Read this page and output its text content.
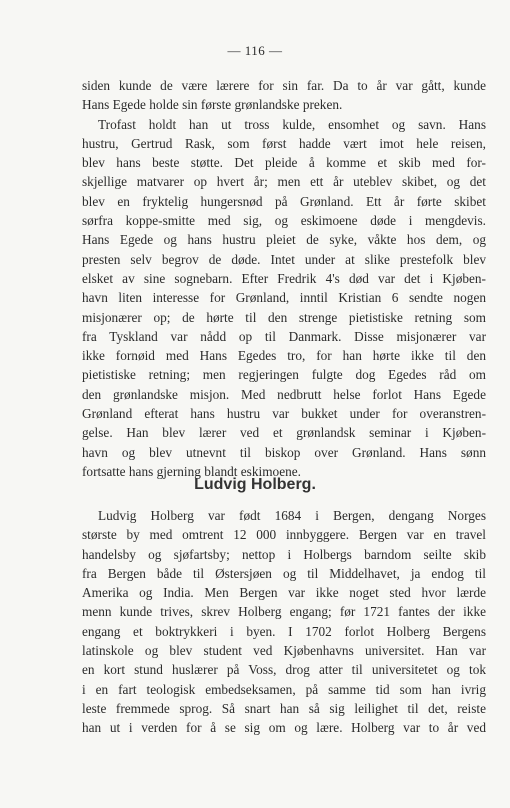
— 116 —
siden kunde de være lærere for sin far. Da to år var gått, kunde
Hans Egede holde sin første grønlandske preken.
Trofast holdt han ut tross kulde, ensomhet og savn. Hans
hustru, Gertrud Rask, som først hadde vært imot hele reisen,
blev hans beste støtte. Det pleide å komme et skib med for-
skjellige matvarer op hvert år; men ett år uteblev skibet, og det
blev en fryktelig hungersnød på Grønland. Ett år førte skibet
sørfra koppe-smitte med sig, og eskimoene døde i mengdevis.
Hans Egede og hans hustru pleiet de syke, våkte hos dem, og
presten selv begrov de døde. Intet under at slike prestefolk blev
elsket av sine sognebarn. Efter Fredrik 4's død var det i Kjøben-
havn liten interesse for Grønland, inntil Kristian 6 sendte nogen
misjonærer op; de hørte til den strenge pietistiske retning som
fra Tyskland var nådd op til Danmark. Disse misjonærer var
ikke fornøid med Hans Egedes tro, for han hørte ikke til den
pietistiske retning; men regjeringen fulgte dog Egedes råd om
den grønlandske misjon. Med nedbrutt helse forlot Hans Egede
Grønland efterat hans hustru var bukket under for overanstren-
gelse. Han blev lærer ved et grønlandsk seminar i Kjøben-
havn og blev utnevnt til biskop over Grønland. Hans sønn
fortsatte hans gjerning blandt eskimoene.
Ludvig Holberg.
Ludvig Holberg var født 1684 i Bergen, dengang Norges
største by med omtrent 12 000 innbyggere. Bergen var en travel
handelsby og sjøfartsby; nettop i Holbergs barndom seilte skib
fra Bergen både til Østersjøen og til Middelhavet, ja endog til
Amerika og India. Men Bergen var ikke noget sted hvor lærde
menn kunde trives, skrev Holberg engang; før 1721 fantes der ikke
engang et boktrykkeri i byen. I 1702 forlot Holberg Bergens
latinskole og blev student ved Kjøbenhavns universitet. Han var
en kort stund huslærer på Voss, drog atter til universitetet og tok
i en fart teologisk embedseksamen, på samme tid som han ivrig
leste fremmede sprog. Så snart han så sig leilighet til det, reiste
han ut i verden for å se sig om og lære. Holberg var to år ved
